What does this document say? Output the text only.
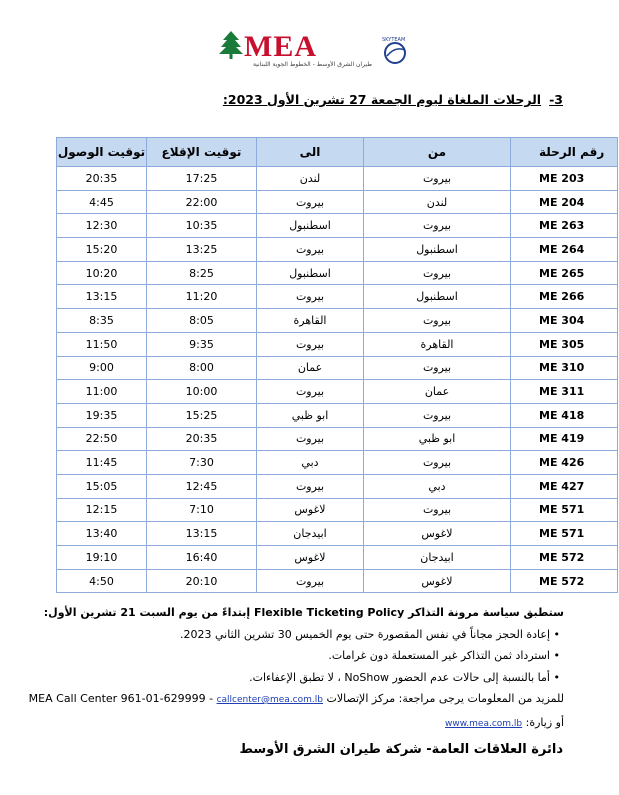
MEA
طيران الشرق الأوسط - الخطوط الجوية اللبنانية
SKYTEAM
3-الرحلات الملغاة ليوم الجمعة 27 تشرين الأول 2023:
رقم الرحلة	من	الى	توقيت الإقلاع	توقيت الوصول
ME 203	بيروت	لندن	17:25	20:35
ME 204	لندن	بيروت	22:00	4:45
ME 263	بيروت	اسطنبول	10:35	12:30
ME 264	اسطنبول	بيروت	13:25	15:20
ME 265	بيروت	اسطنبول	8:25	10:20
ME 266	اسطنبول	بيروت	11:20	13:15
ME 304	بيروت	القاهرة	8:05	8:35
ME 305	القاهرة	بيروت	9:35	11:50
ME 310	بيروت	عمان	8:00	9:00
ME 311	عمان	بيروت	10:00	11:00
ME 418	بيروت	ابو ظبي	15:25	19:35
ME 419	ابو ظبي	بيروت	20:35	22:50
ME 426	بيروت	دبي	7:30	11:45
ME 427	دبي	بيروت	12:45	15:05
ME 571	بيروت	لاغوس	7:10	12:15
ME 571	لاغوس	ابيدجان	13:15	13:40
ME 572	ابيدجان	لاغوس	16:40	19:10
ME 572	لاغوس	بيروت	20:10	4:50
ستطبق سياسة مرونة التذاكر Flexible Ticketing Policy إبتداءً من يوم السبت 21 تشرين الأول:
• إعادة الحجز مجاناً في نفس المقصورة حتى يوم الخميس 30 تشرين الثاني 2023.
• استرداد ثمن التذاكر غير المستعملة دون غرامات.
• أما بالنسبة إلى حالات عدم الحضور NoShow ، لا تطبق الإعفاءات.
للمزيد من المعلومات يرجى مراجعة: مركز الإتصالات MEA Call Center 961-01-629999 - callcenter@mea.com.lb
أو زيارة: www.mea.com.lb
دائرة العلاقات العامة- شركة طيران الشرق الأوسط
